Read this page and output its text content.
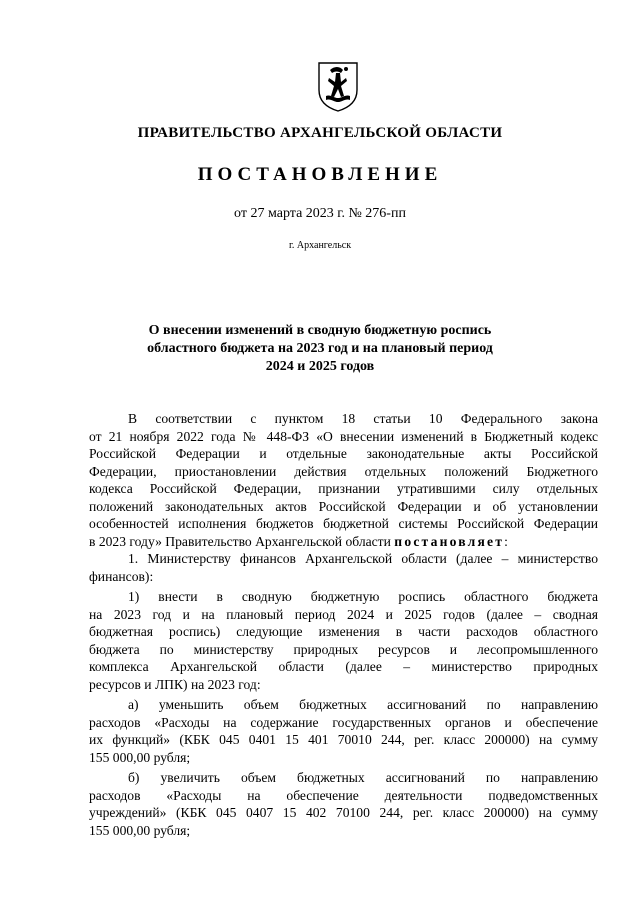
ПРАВИТЕЛЬСТВО АРХАНГЕЛЬСКОЙ ОБЛАСТИ
ПОСТАНОВЛЕНИЕ
от 27 марта 2023 г. № 276-пп
г. Архангельск
О внесении изменений в сводную бюджетную роспись
областного бюджета на 2023 год и на плановый период
2024 и 2025 годов
В соответствии с пунктом 18 статьи 10 Федерального закона
от 21 ноября 2022 года № 448-ФЗ «О внесении изменений в Бюджетный кодекс
Российской Федерации и отдельные законодательные акты Российской
Федерации, приостановлении действия отдельных положений Бюджетного
кодекса Российской Федерации, признании утратившими силу отдельных
положений законодательных актов Российской Федерации и об установлении
особенностей исполнения бюджетов бюджетной системы Российской Федерации
в 2023 году» Правительство Архангельской области постановляет:
1. Министерству финансов Архангельской области (далее – министерство
финансов):
1) внести в сводную бюджетную роспись областного бюджета
на 2023 год и на плановый период 2024 и 2025 годов (далее – сводная
бюджетная роспись) следующие изменения в части расходов областного
бюджета по министерству природных ресурсов и лесопромышленного
комплекса Архангельской области (далее – министерство природных
ресурсов и ЛПК) на 2023 год:
а) уменьшить объем бюджетных ассигнований по направлению
расходов «Расходы на содержание государственных органов и обеспечение
их функций» (КБК 045 0401 15 401 70010 244, рег. класс 200000) на сумму
155 000,00 рубля;
б) увеличить объем бюджетных ассигнований по направлению
расходов «Расходы на обеспечение деятельности подведомственных
учреждений» (КБК 045 0407 15 402 70100 244, рег. класс 200000) на сумму
155 000,00 рубля;
